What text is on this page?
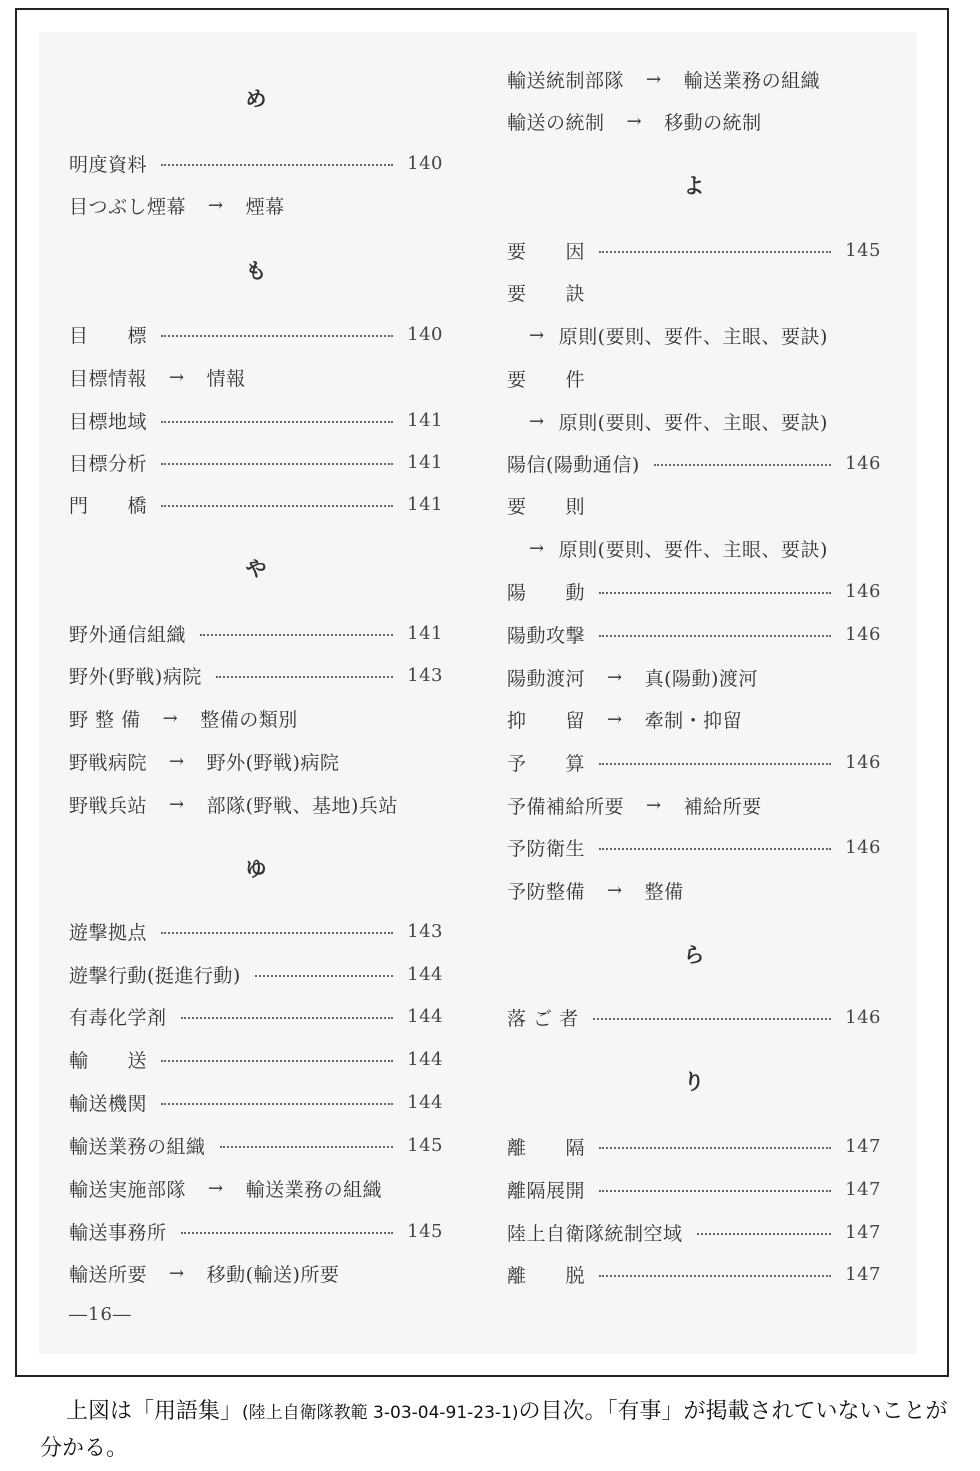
め
明度資料	140
目つぶし煙幕 → 煙幕
も
目　　標	140
目標情報 → 情報
目標地域	141
目標分析	141
門　　橋	141
や
野外通信組織	141
野外(野戦)病院	143
野 整 備 → 整備の類別
野戦病院 → 野外(野戦)病院
野戦兵站 → 部隊(野戦、基地)兵站
ゆ
遊撃拠点	143
遊撃行動(挺進行動)	144
有毒化学剤	144
輸　　送	144
輸送機関	144
輸送業務の組織	145
輸送実施部隊 → 輸送業務の組織
輸送事務所	145
輸送所要 → 移動(輸送)所要
輸送統制部隊 → 輸送業務の組織
輸送の統制 → 移動の統制
よ
要　　因	145
要　　訣
→ 原則(要則、要件、主眼、要訣)
要　　件
→ 原則(要則、要件、主眼、要訣)
陽信(陽動通信)	146
要　　則
→ 原則(要則、要件、主眼、要訣)
陽　　動	146
陽動攻撃	146
陽動渡河 → 真(陽動)渡河
抑　　留 → 牽制・抑留
予　　算	146
予備補給所要 → 補給所要
予防衛生	146
予防整備 → 整備
ら
落 ご 者	146
り
離　　隔	147
離隔展開	147
陸上自衛隊統制空域	147
離　　脱	147
―16―
上図は「用語集」(陸上自衛隊教範 3-03-04-91-23-1)の目次。「有事」が掲載されていないことが分かる。
